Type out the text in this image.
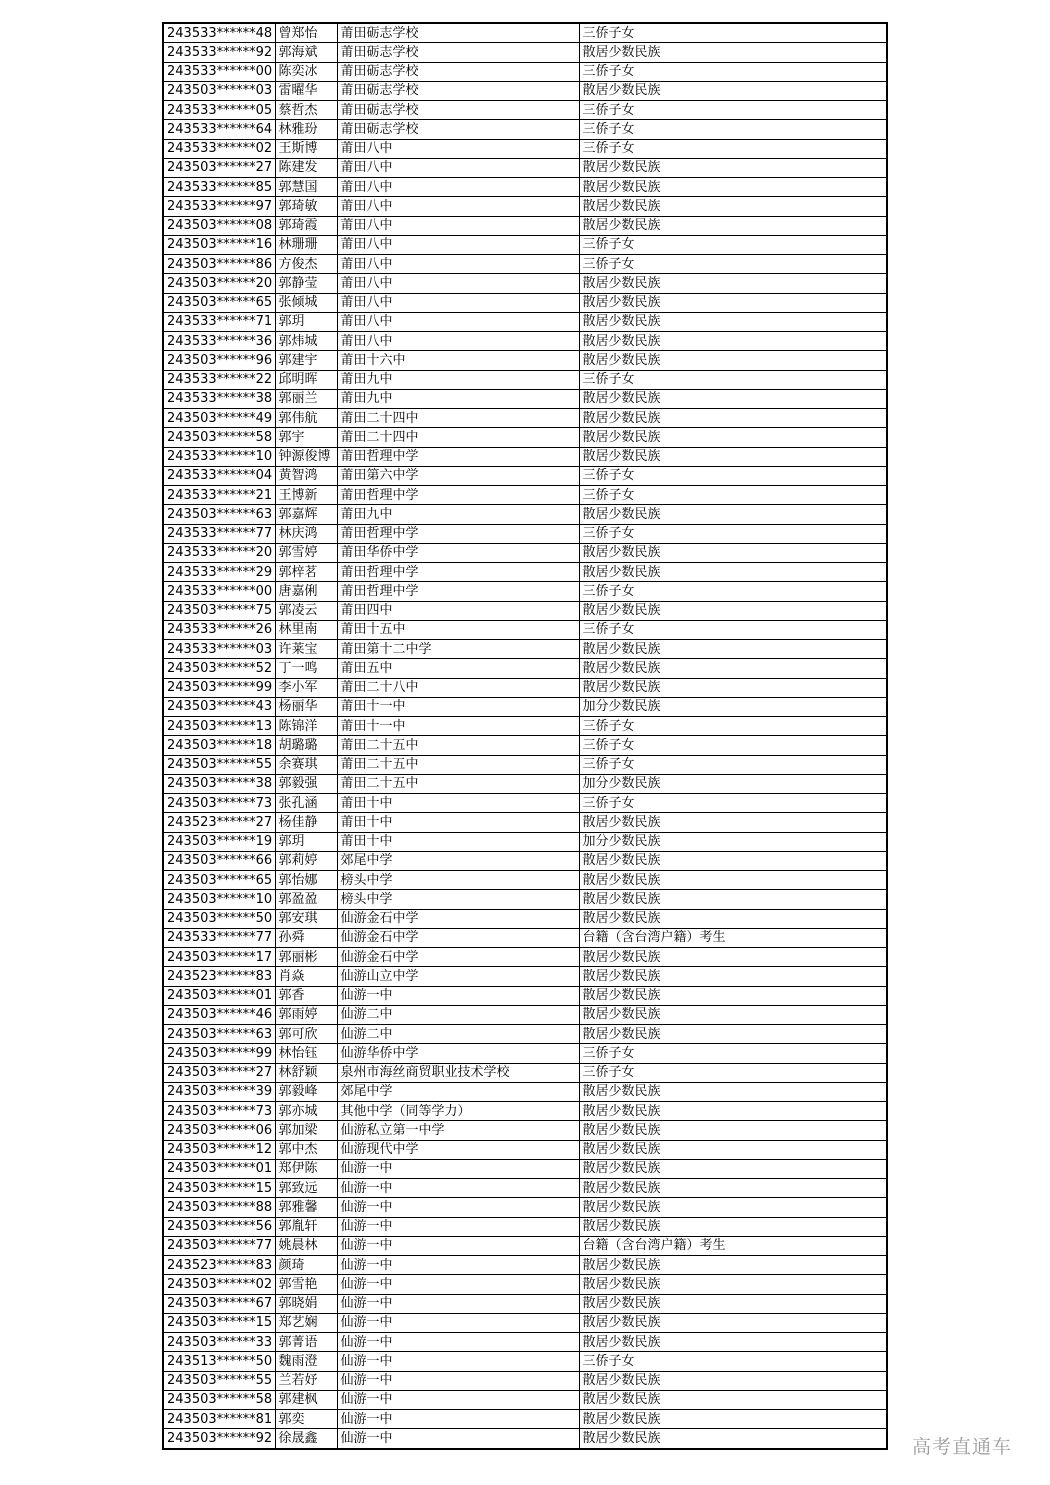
243533******48	曾郑怡	莆田砺志学校	三侨子女
243533******92	郭海斌	莆田砺志学校	散居少数民族
243533******00	陈奕冰	莆田砺志学校	三侨子女
243503******03	雷曜华	莆田砺志学校	散居少数民族
243533******05	蔡哲杰	莆田砺志学校	三侨子女
243533******64	林雅玢	莆田砺志学校	三侨子女
243533******02	王斯博	莆田八中	三侨子女
243503******27	陈建发	莆田八中	散居少数民族
243533******85	郭慧国	莆田八中	散居少数民族
243533******97	郭琦敏	莆田八中	散居少数民族
243503******08	郭琦霞	莆田八中	散居少数民族
243503******16	林珊珊	莆田八中	三侨子女
243503******86	方俊杰	莆田八中	三侨子女
243503******20	郭静莹	莆田八中	散居少数民族
243503******65	张倾城	莆田八中	散居少数民族
243533******71	郭玥	莆田八中	散居少数民族
243533******36	郭炜城	莆田八中	散居少数民族
243503******96	郭建宇	莆田十六中	散居少数民族
243533******22	邱明晖	莆田九中	三侨子女
243533******38	郭丽兰	莆田九中	散居少数民族
243503******49	郭伟航	莆田二十四中	散居少数民族
243503******58	郭宇	莆田二十四中	散居少数民族
243533******10	钟源俊博	莆田哲理中学	散居少数民族
243533******04	黄智鸿	莆田第六中学	三侨子女
243533******21	王博新	莆田哲理中学	三侨子女
243503******63	郭嘉辉	莆田九中	散居少数民族
243533******77	林庆鸿	莆田哲理中学	三侨子女
243533******20	郭雪婷	莆田华侨中学	散居少数民族
243533******29	郭梓茗	莆田哲理中学	散居少数民族
243533******00	唐嘉俐	莆田哲理中学	三侨子女
243503******75	郭凌云	莆田四中	散居少数民族
243533******26	林里南	莆田十五中	三侨子女
243533******03	许莱宝	莆田第十二中学	散居少数民族
243503******52	丁一鸣	莆田五中	散居少数民族
243503******99	李小军	莆田二十八中	散居少数民族
243503******43	杨丽华	莆田十一中	加分少数民族
243503******13	陈锦洋	莆田十一中	三侨子女
243503******18	胡璐璐	莆田二十五中	三侨子女
243503******55	余赛琪	莆田二十五中	三侨子女
243503******38	郭毅强	莆田二十五中	加分少数民族
243503******73	张孔涵	莆田十中	三侨子女
243523******27	杨佳静	莆田十中	散居少数民族
243503******19	郭玥	莆田十中	加分少数民族
243503******66	郭莉婷	郊尾中学	散居少数民族
243503******65	郭怡娜	榜头中学	散居少数民族
243503******10	郭盈盈	榜头中学	散居少数民族
243503******50	郭安琪	仙游金石中学	散居少数民族
243533******77	孙舜	仙游金石中学	台籍（含台湾户籍）考生
243503******17	郭丽彬	仙游金石中学	散居少数民族
243523******83	肖焱	仙游山立中学	散居少数民族
243503******01	郭香	仙游一中	散居少数民族
243503******46	郭雨婷	仙游二中	散居少数民族
243503******63	郭可欣	仙游二中	散居少数民族
243503******99	林怡钰	仙游华侨中学	三侨子女
243503******27	林舒颖	泉州市海丝商贸职业技术学校	三侨子女
243503******39	郭毅峰	郊尾中学	散居少数民族
243503******73	郭亦城	其他中学（同等学力）	散居少数民族
243503******06	郭加梁	仙游私立第一中学	散居少数民族
243503******12	郭中杰	仙游现代中学	散居少数民族
243503******01	郑伊陈	仙游一中	散居少数民族
243503******15	郭致远	仙游一中	散居少数民族
243503******88	郭雅馨	仙游一中	散居少数民族
243503******56	郭胤轩	仙游一中	散居少数民族
243503******77	姚晨林	仙游一中	台籍（含台湾户籍）考生
243523******83	颜琦	仙游一中	散居少数民族
243503******02	郭雪艳	仙游一中	散居少数民族
243503******67	郭晓娟	仙游一中	散居少数民族
243503******15	郑艺娴	仙游一中	散居少数民族
243503******33	郭菁语	仙游一中	散居少数民族
243513******50	魏雨澄	仙游一中	三侨子女
243503******55	兰若妤	仙游一中	散居少数民族
243503******58	郭建枫	仙游一中	散居少数民族
243503******81	郭奕	仙游一中	散居少数民族
243503******92	徐晟鑫	仙游一中	散居少数民族	高考直通车
